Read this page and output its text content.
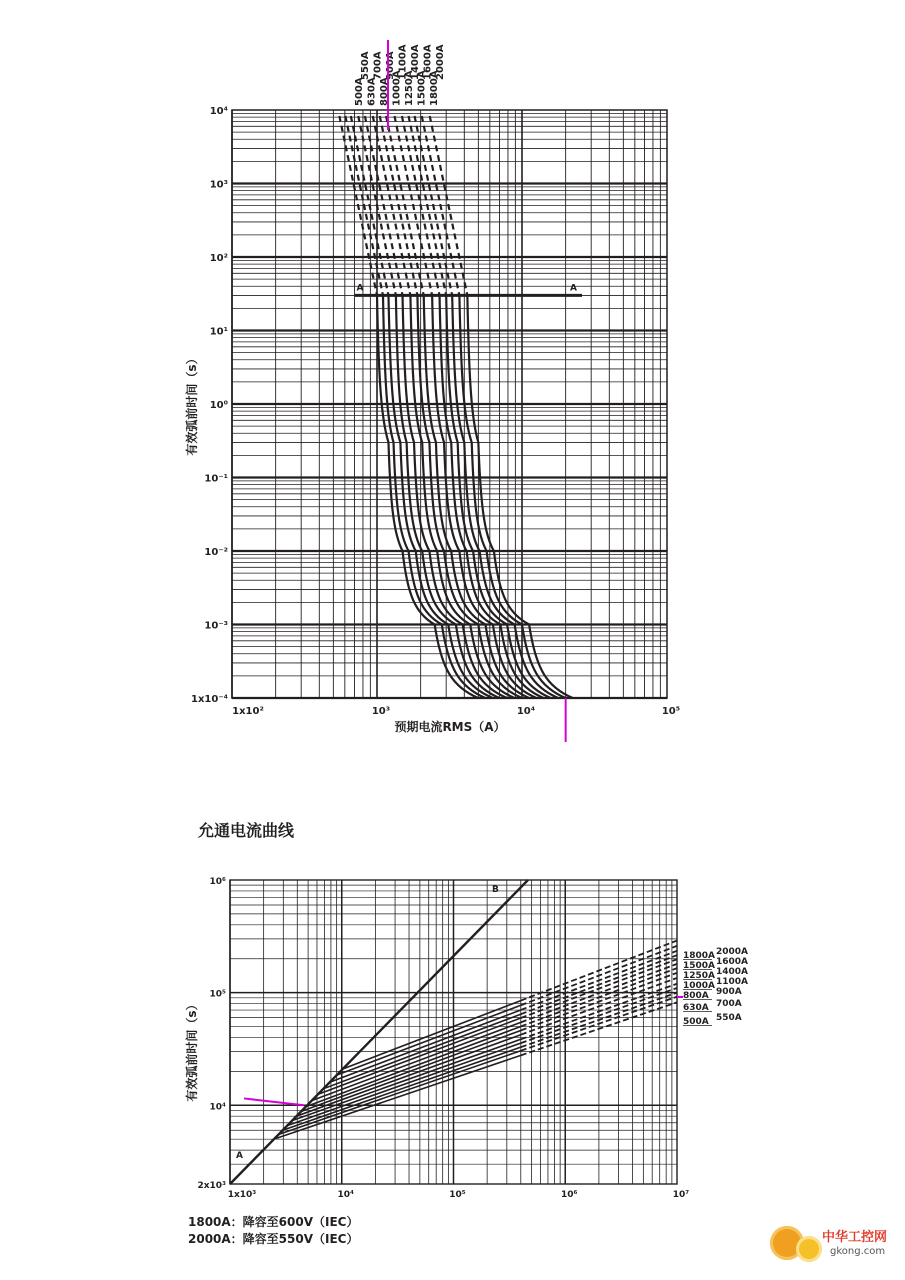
1x10²	10³	10⁴	10⁵
1x10⁻⁴
10⁻³
10⁻²
10⁻¹
10⁰
10¹
10²
10³
10⁴
预期电流RMS（A）
有效弧前时间（s）
A	A
500A
550A
630A
700A
800A
900A
1000A
1100A
1250A
1400A
1500A
1600A
1800A
2000A
允通电流曲线
1x10³	10⁴	10⁵	10⁶	10⁷
2x10³
10⁴
10⁵
10⁶
有效弧前时间（s）
A
B
2000A
1800A
1600A
1500A
1400A
1250A
1100A
1000A
900A
800A
700A
630A
550A
500A
1800A：降容至600V（IEC）
2000A：降容至550V（IEC）	中华工控网
gkong.com
